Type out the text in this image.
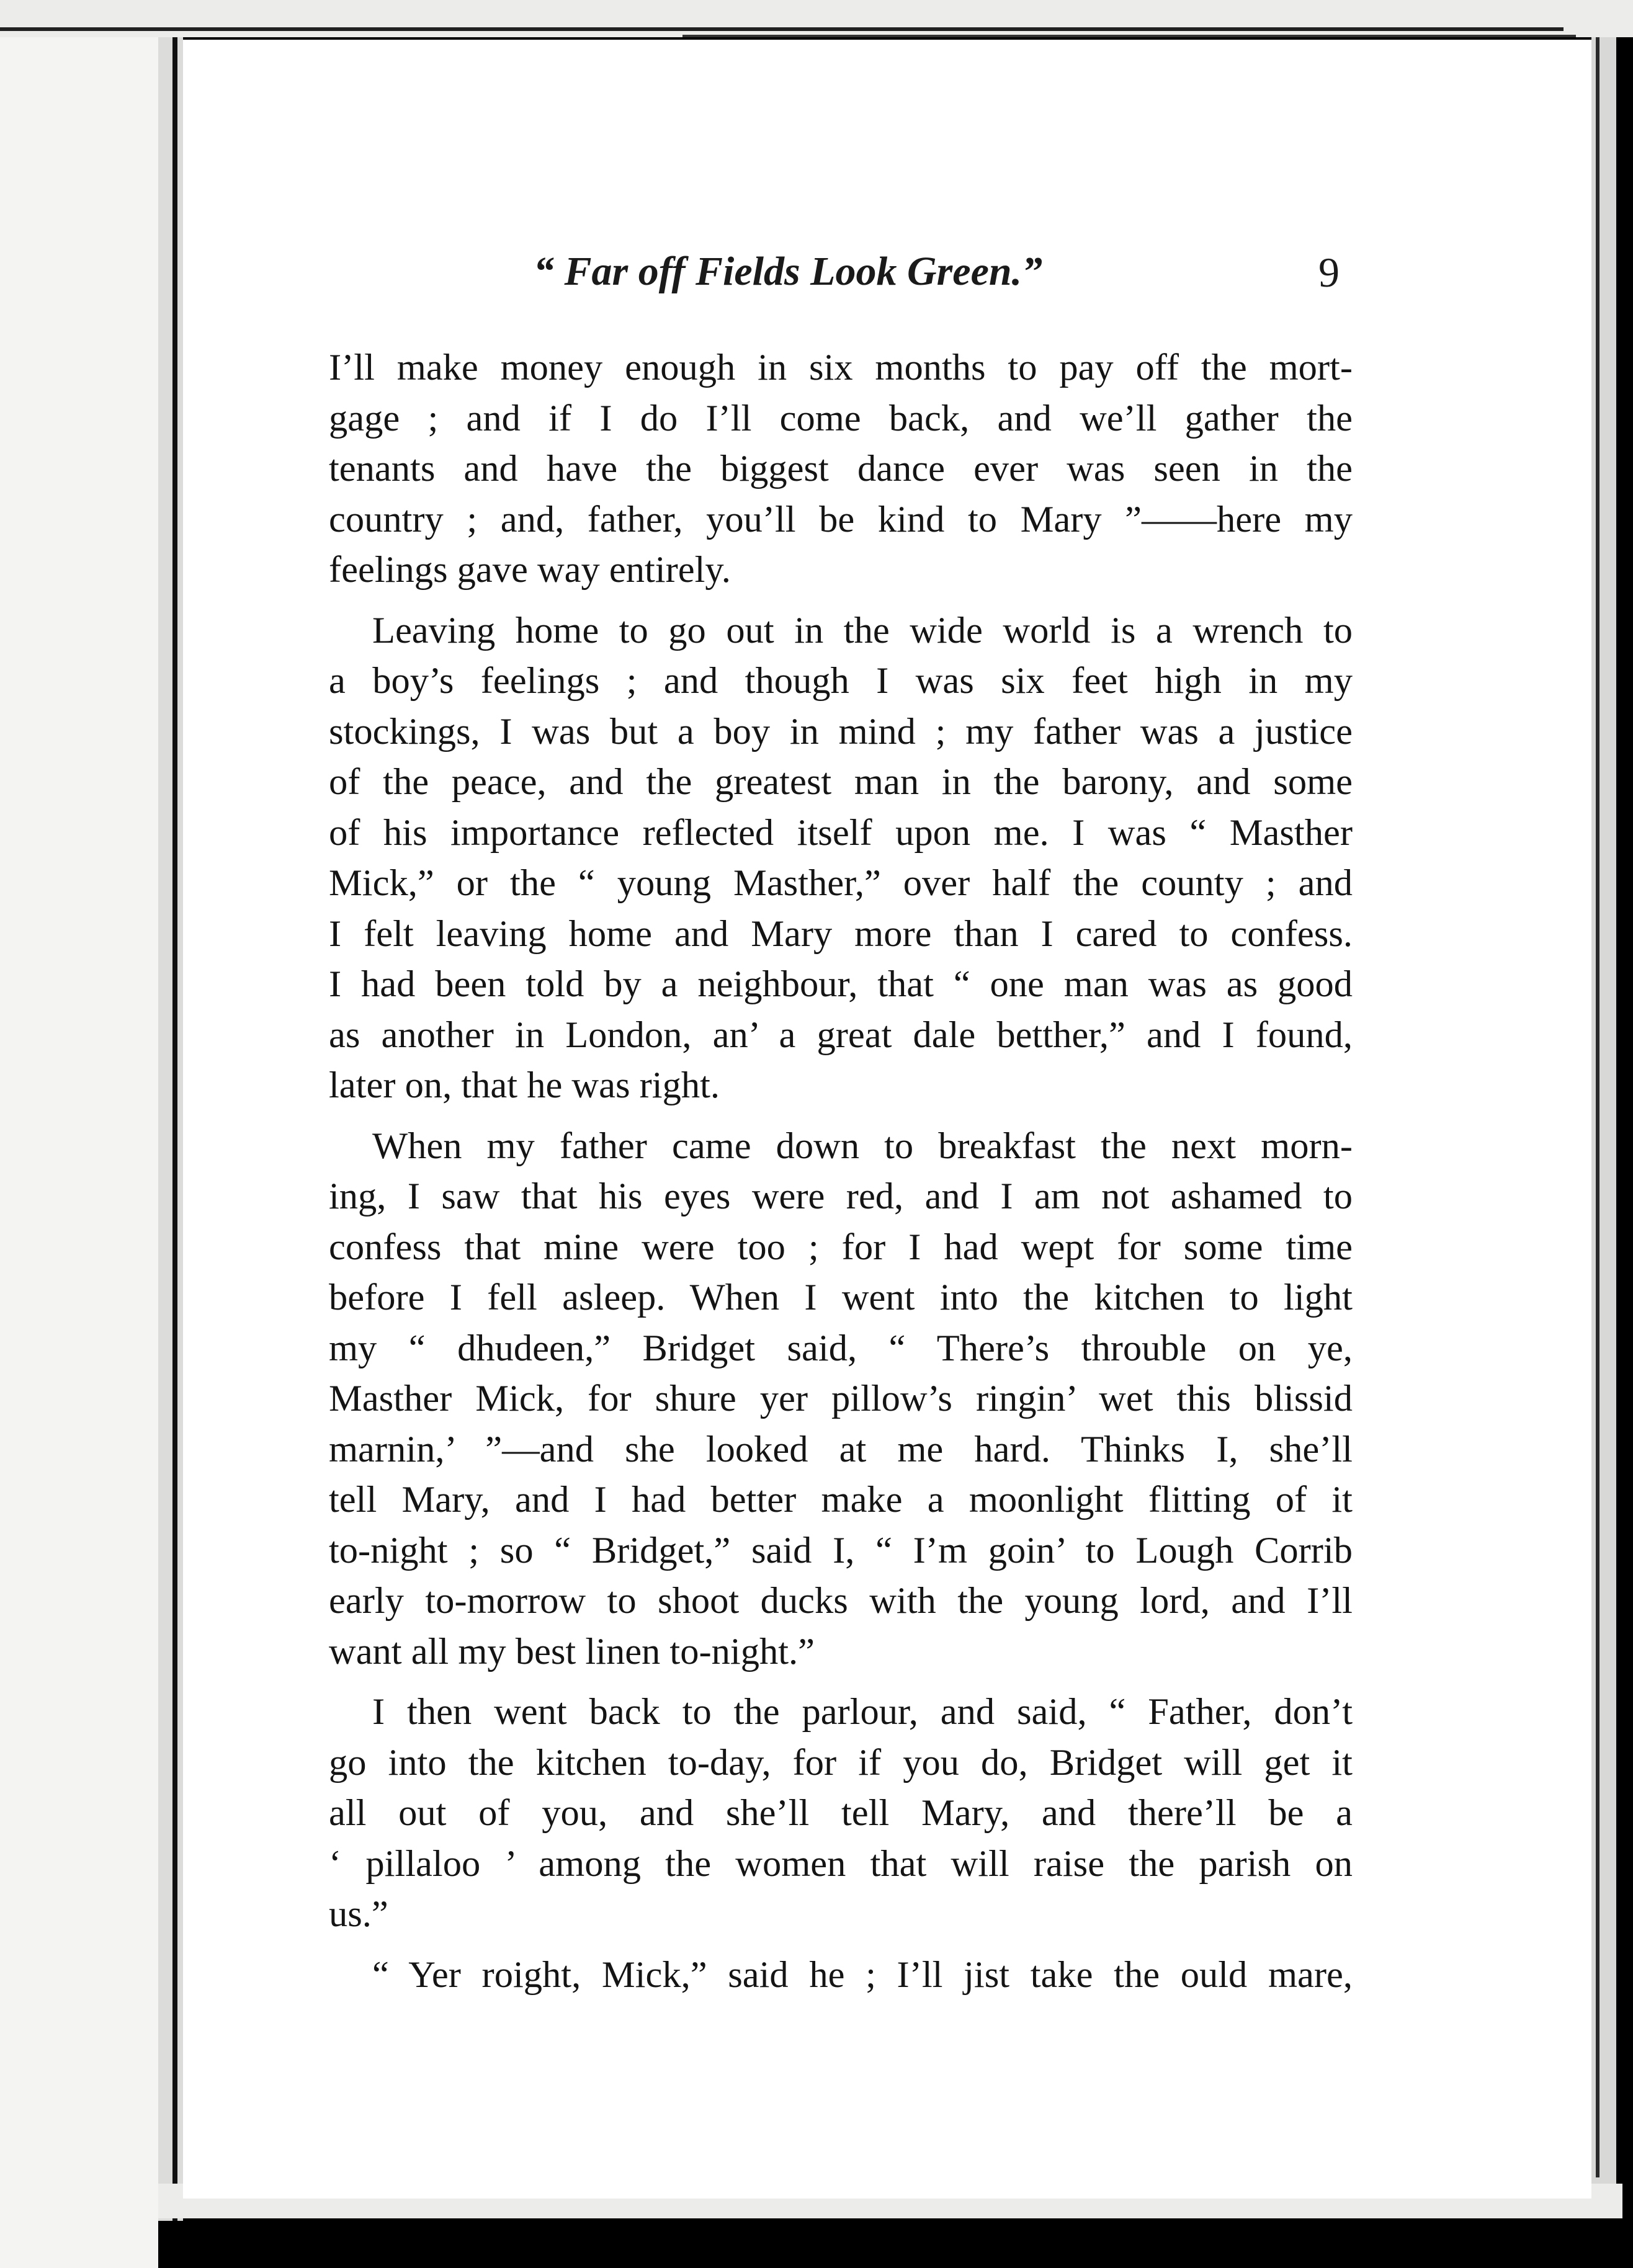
“ Far off Fields Look Green.”	9

I’ll make money enough in six months to pay off the mort-
gage ; and if I do I’ll come back, and we’ll gather the
tenants and have the biggest dance ever was seen in the
country ; and, father, you’ll be kind to Mary ”——here my
feelings gave way entirely.

Leaving home to go out in the wide world is a wrench to
a boy’s feelings ; and though I was six feet high in my
stockings, I was but a boy in mind ; my father was a justice
of the peace, and the greatest man in the barony, and some
of his importance reflected itself upon me. I was “ Masther
Mick,” or the “ young Masther,” over half the county ; and
I felt leaving home and Mary more than I cared to confess.
I had been told by a neighbour, that “ one man was as good
as another in London, an’ a great dale betther,” and I found,
later on, that he was right.

When my father came down to breakfast the next morn-
ing, I saw that his eyes were red, and I am not ashamed to
confess that mine were too ; for I had wept for some time
before I fell asleep. When I went into the kitchen to light
my “ dhudeen,” Bridget said, “ There’s throuble on ye,
Masther Mick, for shure yer pillow’s ringin’ wet this blissid
marnin,’ ”—and she looked at me hard. Thinks I, she’ll
tell Mary, and I had better make a moonlight flitting of it
to-night ; so “ Bridget,” said I, “ I’m goin’ to Lough Corrib
early to-morrow to shoot ducks with the young lord, and I’ll
want all my best linen to-night.”

I then went back to the parlour, and said, “ Father, don’t
go into the kitchen to-day, for if you do, Bridget will get it
all out of you, and she’ll tell Mary, and there’ll be a
‘ pillaloo ’ among the women that will raise the parish on
us.”

“ Yer roight, Mick,” said he ; I’ll jist take the ould mare,
